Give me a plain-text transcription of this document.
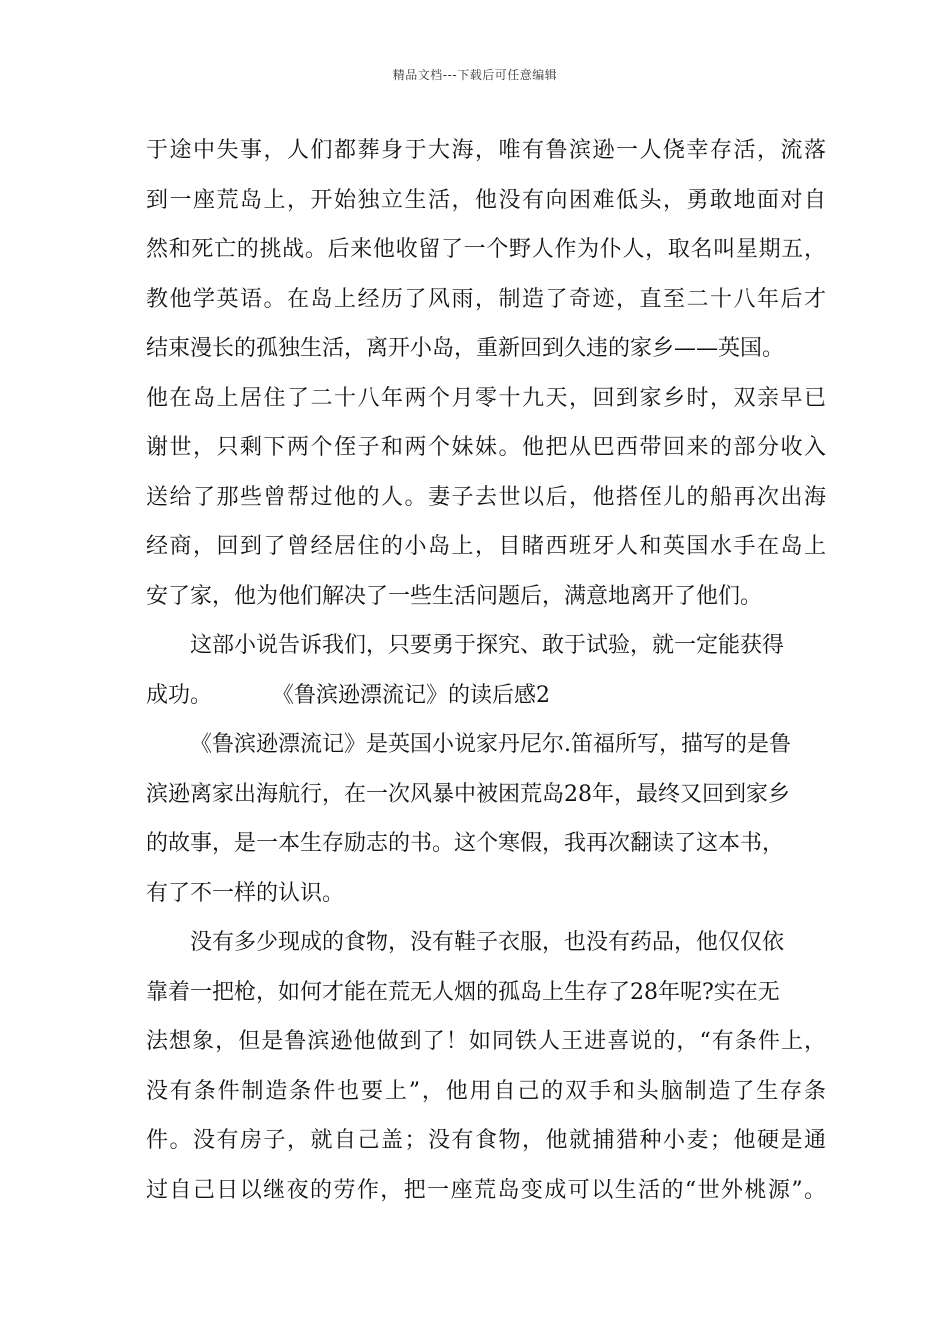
精品文档---下载后可任意编辑
于途中失事，人们都葬身于大海，唯有鲁滨逊一人侥幸存活，流落
到一座荒岛上，开始独立生活，他没有向困难低头，勇敢地面对自
然和死亡的挑战。后来他收留了一个野人作为仆人，取名叫星期五，
教他学英语。在岛上经历了风雨，制造了奇迹，直至二十八年后才
结束漫长的孤独生活，离开小岛，重新回到久违的家乡——英国。
他在岛上居住了二十八年两个月零十九天，回到家乡时，双亲早已
谢世，只剩下两个侄子和两个妹妹。他把从巴西带回来的部分收入
送给了那些曾帮过他的人。妻子去世以后，他搭侄儿的船再次出海
经商，回到了曾经居住的小岛上，目睹西班牙人和英国水手在岛上
安了家，他为他们解决了一些生活问题后，满意地离开了他们。
这部小说告诉我们，只要勇于探究、敢于试验，就一定能获得
成功。	《鲁滨逊漂流记》的读后感2
《鲁滨逊漂流记》是英国小说家丹尼尔.笛福所写，描写的是鲁
滨逊离家出海航行，在一次风暴中被困荒岛28年，最终又回到家乡
的故事，是一本生存励志的书。这个寒假，我再次翻读了这本书，
有了不一样的认识。
没有多少现成的食物，没有鞋子衣服，也没有药品，他仅仅依
靠着一把枪，如何才能在荒无人烟的孤岛上生存了28年呢?实在无
法想象，但是鲁滨逊他做到了！如同铁人王进喜说的，“有条件上，
没有条件制造条件也要上”，他用自己的双手和头脑制造了生存条
件。没有房子，就自己盖；没有食物，他就捕猎种小麦；他硬是通
过自己日以继夜的劳作，把一座荒岛变成可以生活的“世外桃源”。
